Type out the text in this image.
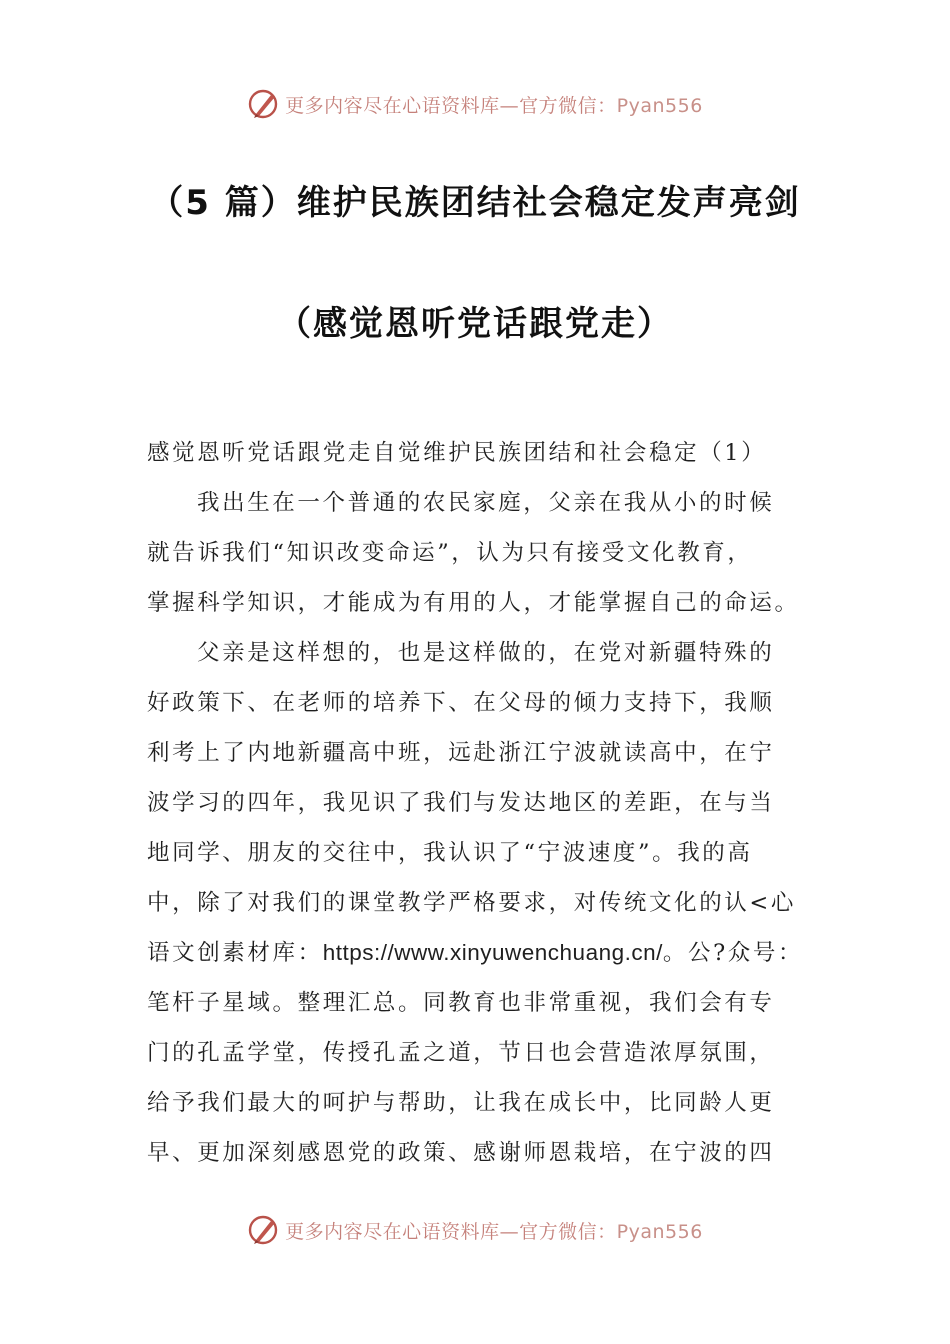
更多内容尽在心语资料库—官方微信：Pyan556
（5 篇）维护民族团结社会稳定发声亮剑
（感觉恩听党话跟党走）
感觉恩听党话跟党走自觉维护民族团结和社会稳定（1）
我出生在一个普通的农民家庭，父亲在我从小的时候
就告诉我们“知识改变命运”，认为只有接受文化教育，
掌握科学知识，才能成为有用的人，才能掌握自己的命运。
父亲是这样想的，也是这样做的，在党对新疆特殊的
好政策下、在老师的培养下、在父母的倾力支持下，我顺
利考上了内地新疆高中班，远赴浙江宁波就读高中，在宁
波学习的四年，我见识了我们与发达地区的差距，在与当
地同学、朋友的交往中，我认识了“宁波速度”。我的高
中，除了对我们的课堂教学严格要求，对传统文化的认<心
语文创素材库：https://www.xinyuwenchuang.cn/。公?众号：
笔杆子星域。整理汇总。同教育也非常重视，我们会有专
门的孔孟学堂，传授孔孟之道，节日也会营造浓厚氛围，
给予我们最大的呵护与帮助，让我在成长中，比同龄人更
早、更加深刻感恩党的政策、感谢师恩栽培，在宁波的四
更多内容尽在心语资料库—官方微信：Pyan556
